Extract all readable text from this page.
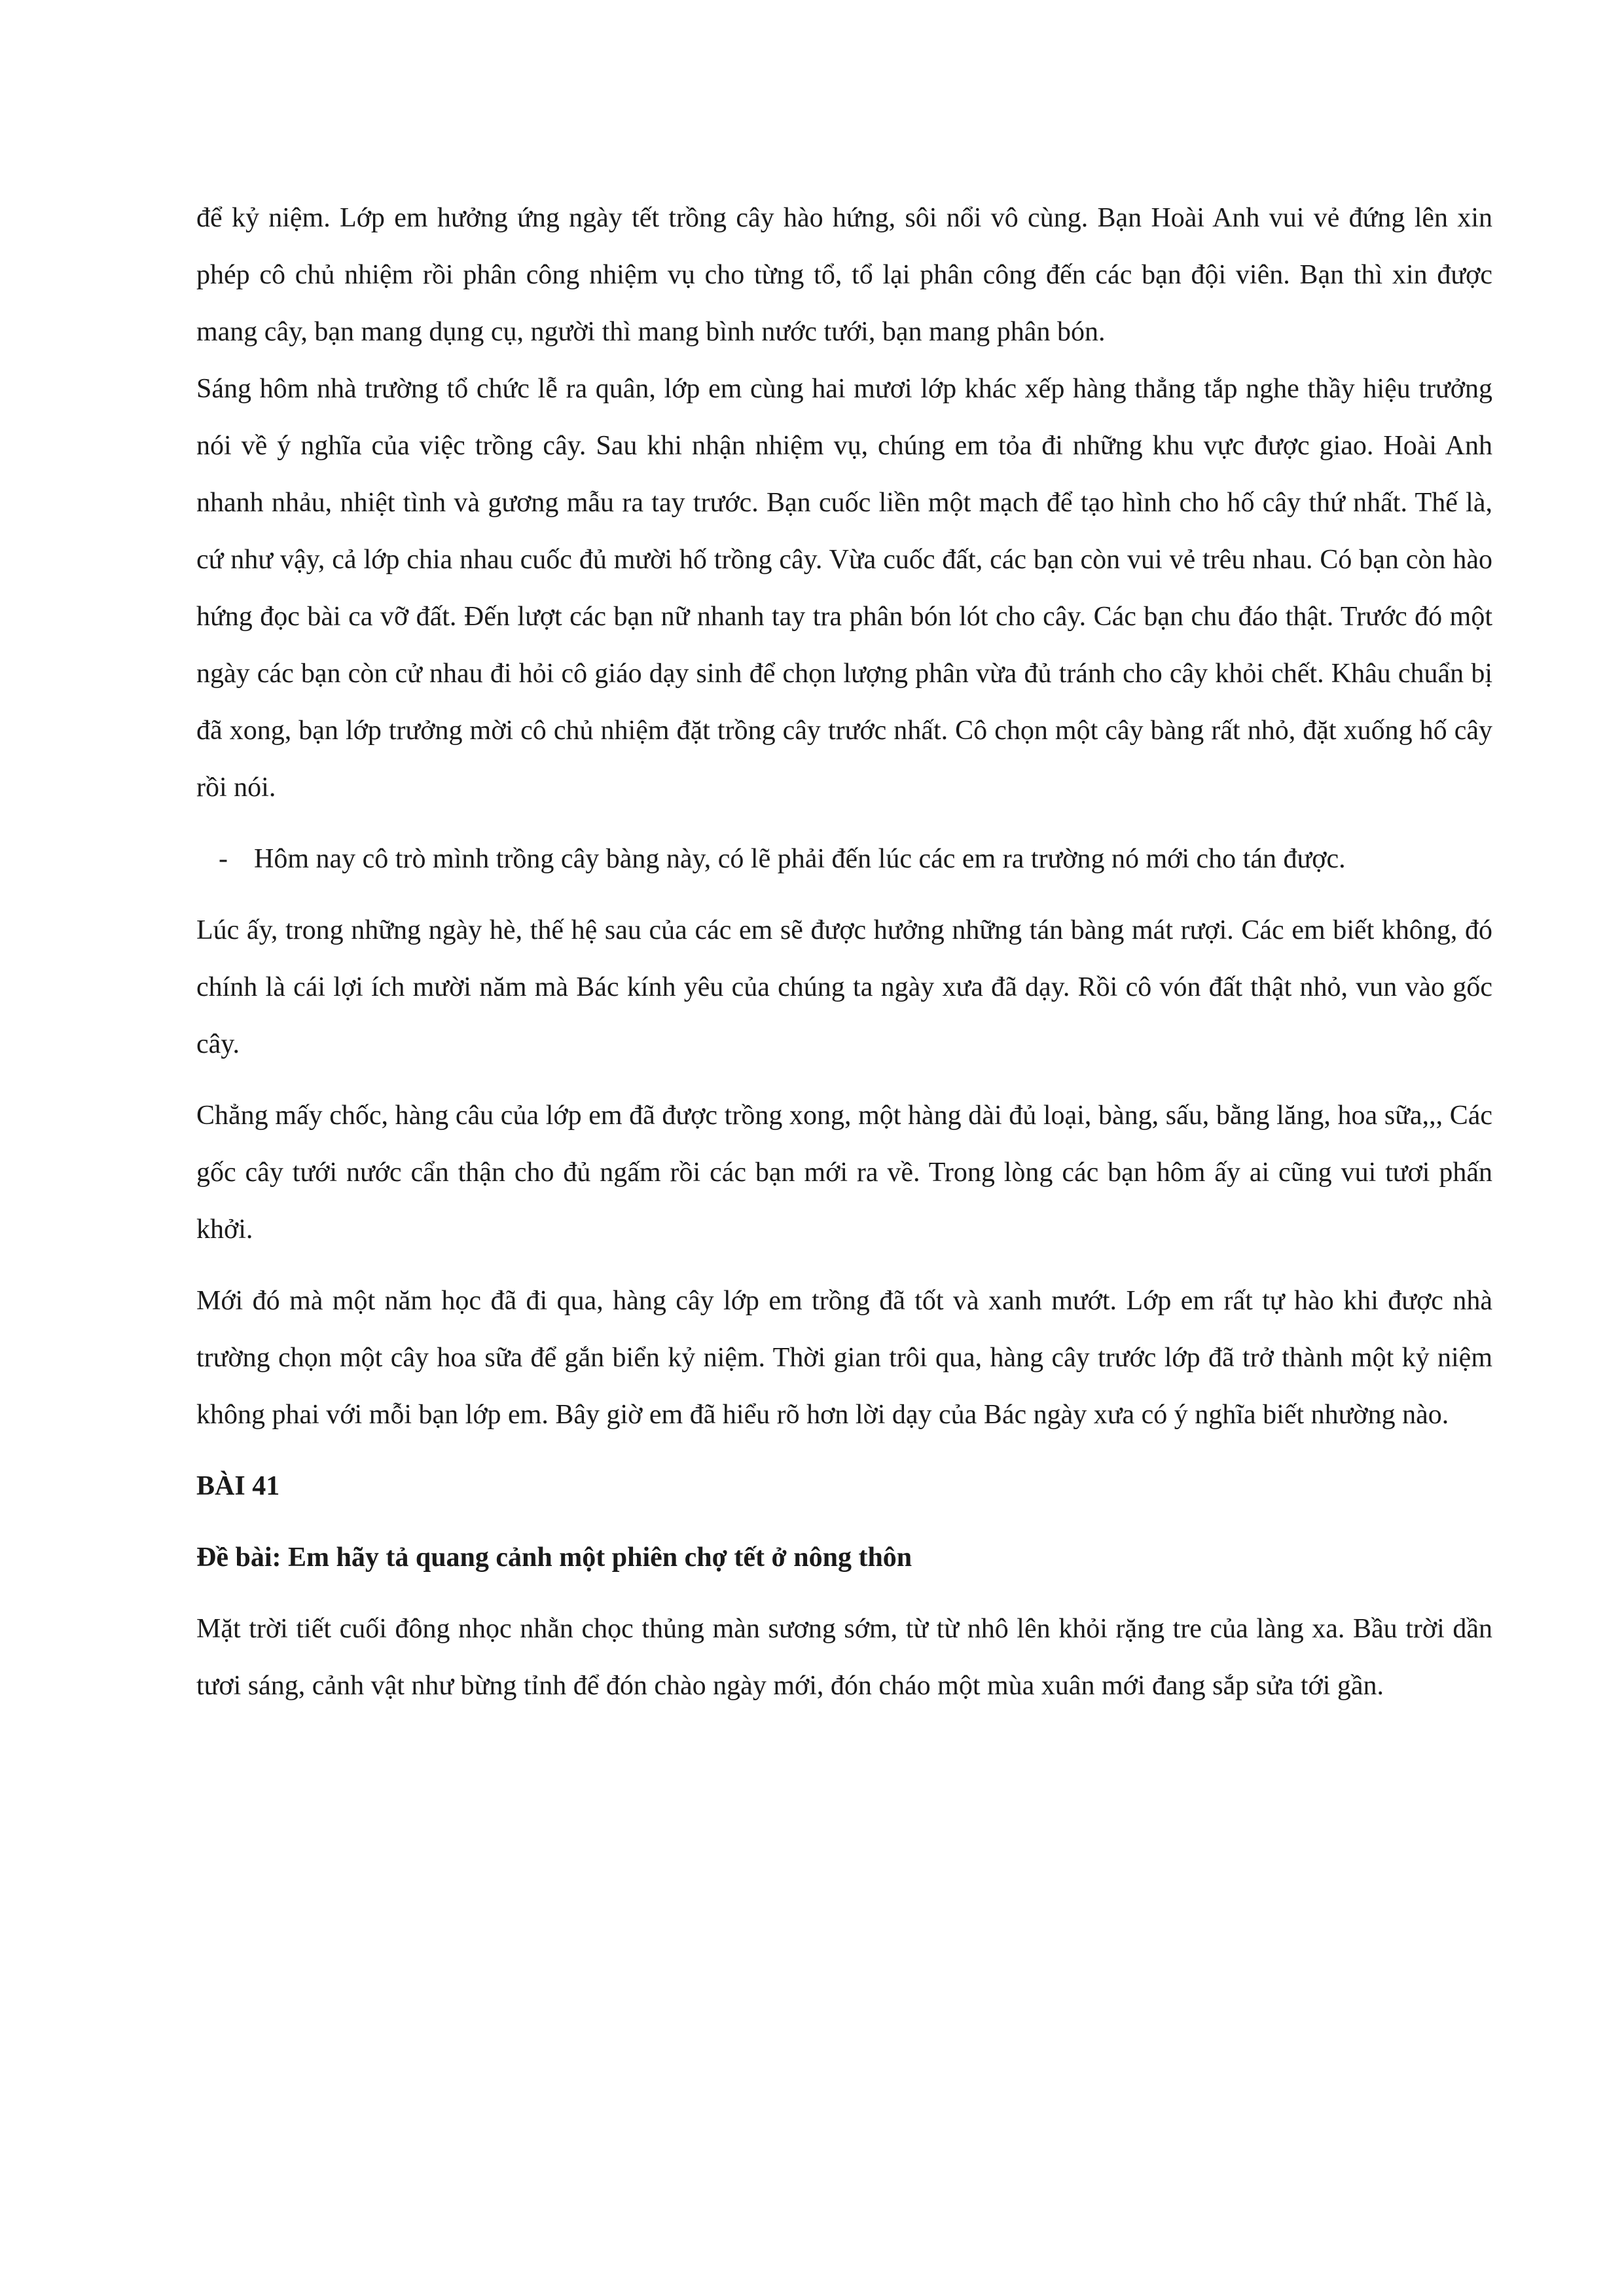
để kỷ niệm. Lớp em hưởng ứng ngày tết trồng cây hào hứng, sôi nổi vô cùng. Bạn Hoài Anh vui vẻ đứng lên xin phép cô chủ nhiệm rồi phân công nhiệm vụ cho từng tổ, tổ lại phân công đến các bạn đội viên. Bạn thì xin được mang cây, bạn mang dụng cụ, người thì mang bình nước tưới, bạn mang phân bón.

Sáng hôm nhà trường tổ chức lễ ra quân, lớp em cùng hai mươi lớp khác xếp hàng thẳng tắp nghe thầy hiệu trưởng nói về ý nghĩa của việc trồng cây. Sau khi nhận nhiệm vụ, chúng em tỏa đi những khu vực được giao. Hoài Anh nhanh nhảu, nhiệt tình và gương mẫu ra tay trước. Bạn cuốc liền một mạch để tạo hình cho hố cây thứ nhất. Thế là, cứ như vậy, cả lớp chia nhau cuốc đủ mười hố trồng cây. Vừa cuốc đất, các bạn còn vui vẻ trêu nhau. Có bạn còn hào hứng đọc bài ca vỡ đất. Đến lượt các bạn nữ nhanh tay tra phân bón lót cho cây. Các bạn chu đáo thật. Trước đó một ngày các bạn còn cử nhau đi hỏi cô giáo dạy sinh để chọn lượng phân vừa đủ tránh cho cây khỏi chết. Khâu chuẩn bị đã xong, bạn lớp trưởng mời cô chủ nhiệm đặt trồng cây trước nhất. Cô chọn một cây bàng rất nhỏ, đặt xuống hố cây rồi nói.

- Hôm nay cô trò mình trồng cây bàng này, có lẽ phải đến lúc các em ra trường nó mới cho tán được.

Lúc ấy, trong những ngày hè, thế hệ sau của các em sẽ được hưởng những tán bàng mát rượi. Các em biết không, đó chính là cái lợi ích mười năm mà Bác kính yêu của chúng ta ngày xưa đã dạy. Rồi cô vón đất thật nhỏ, vun vào gốc cây.

Chẳng mấy chốc, hàng câu của lớp em đã được trồng xong, một hàng dài đủ loại, bàng, sấu, bằng lăng, hoa sữa,,, Các gốc cây tưới nước cẩn thận cho đủ ngấm rồi các bạn mới ra về. Trong lòng các bạn hôm ấy ai cũng vui tươi phấn khởi.

Mới đó mà một năm học đã đi qua, hàng cây lớp em trồng đã tốt và xanh mướt. Lớp em rất tự hào khi được nhà trường chọn một cây hoa sữa để gắn biển kỷ niệm. Thời gian trôi qua, hàng cây trước lớp đã trở thành một kỷ niệm không phai với mỗi bạn lớp em. Bây giờ em đã hiểu rõ hơn lời dạy của Bác ngày xưa có ý nghĩa biết nhường nào.

BÀI 41

Đề bài: Em hãy tả quang cảnh một phiên chợ tết ở nông thôn

Mặt trời tiết cuối đông nhọc nhằn chọc thủng màn sương sớm, từ từ nhô lên khỏi rặng tre của làng xa. Bầu trời dần tươi sáng, cảnh vật như bừng tỉnh để đón chào ngày mới, đón cháo một mùa xuân mới đang sắp sửa tới gần.
